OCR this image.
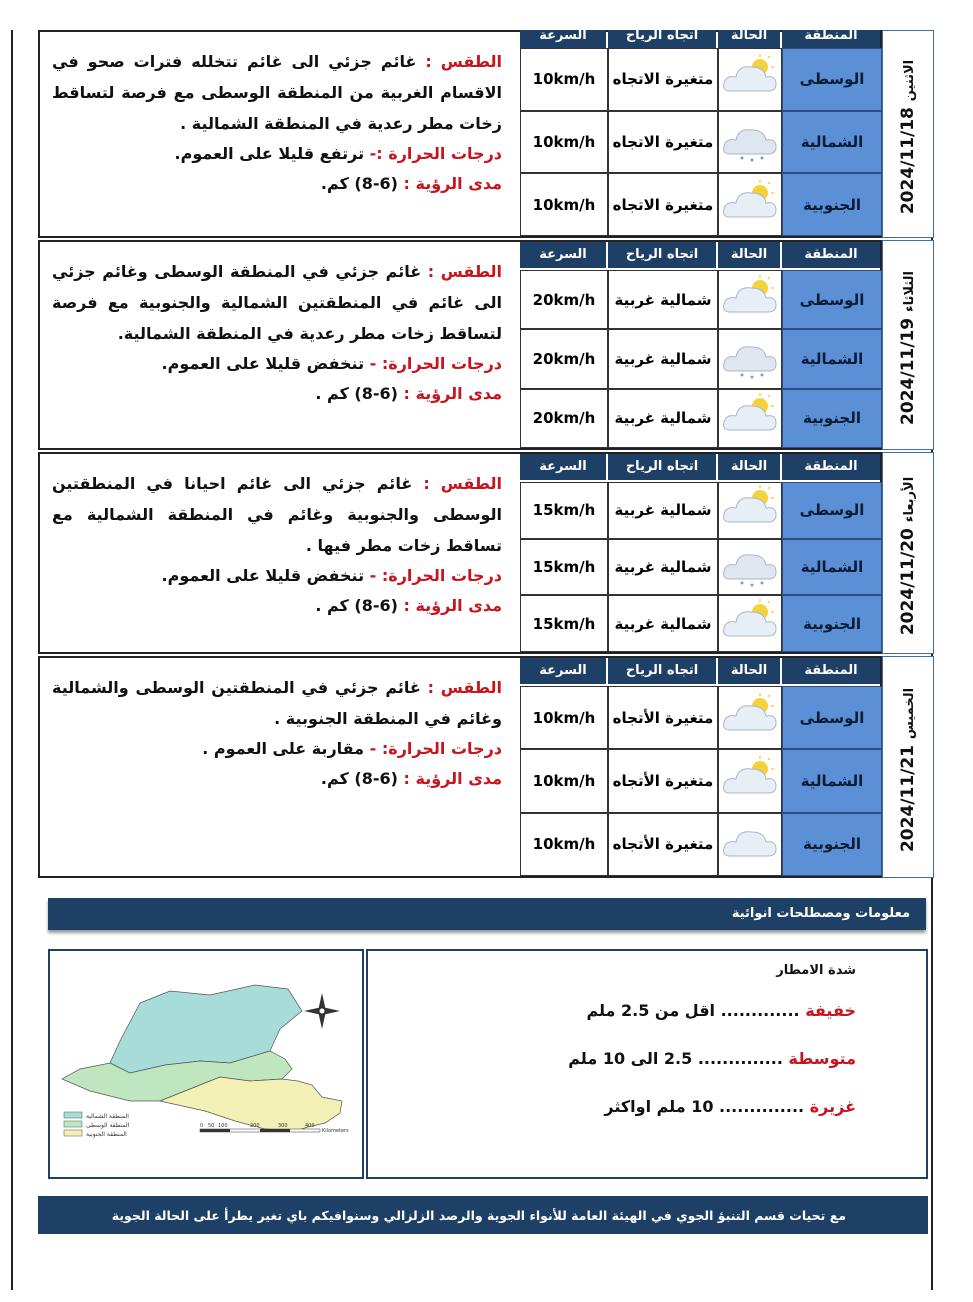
الاثنين 2024/11/18
السرعة	اتجاه الرياح	الحالة	المنطقة
10km/h	متغيرة الاتجاه	الوسطى
10km/h	متغيرة الاتجاه	الشمالية
10km/h	متغيرة الاتجاه	الجنوبية
الطقس : غائم جزئي الى غائم تتخلله فترات صحو في الاقسام الغربية من المنطقة الوسطى مع فرصة لتساقط زخات مطر رعدية في المنطقة الشمالية .
درجات الحرارة :- ترتفع قليلا على العموم.
مدى الرؤية : (6-8) كم.
الثلاثاء 2024/11/19
السرعة	اتجاه الرياح	الحالة	المنطقة
20km/h	شمالية غربية	الوسطى
20km/h	شمالية غربية	الشمالية
20km/h	شمالية غربية	الجنوبية
الطقس : غائم جزئي في المنطقة الوسطى وغائم جزئي الى غائم في المنطقتين الشمالية والجنوبية مع فرصة لتساقط زخات مطر رعدية في المنطقة الشمالية.
درجات الحرارة: - تنخفض قليلا على العموم.
مدى الرؤية : (6-8) كم .
الأربعاء 2024/11/20
السرعة	اتجاه الرياح	الحالة	المنطقة
15km/h	شمالية غربية	الوسطى
15km/h	شمالية غربية	الشمالية
15km/h	شمالية غربية	الجنوبية
الطقس : غائم جزئي الى غائم احيانا في المنطقتين الوسطى والجنوبية وغائم في المنطقة الشمالية مع تساقط زخات مطر فيها .
درجات الحرارة: - تنخفض قليلا على العموم.
مدى الرؤية : (6-8) كم .
الخميس 2024/11/21
السرعة	اتجاه الرياح	الحالة	المنطقة
10km/h	متغيرة الأتجاه	الوسطى
10km/h	متغيرة الأتجاه	الشمالية
10km/h	متغيرة الأتجاه	الجنوبية
الطقس : غائم جزئي في المنطقتين الوسطى والشمالية وغائم في المنطقة الجنوبية .
درجات الحرارة: - مقاربة على العموم .
مدى الرؤية : (6-8) كم.
معلومات ومصطلحات انوائية
المنطقة الشمالية
المنطقة الوسطى
المنطقة الجنوبية
0 50 100	200	300	400
Kilometers
شدة الامطار
خفيفة ............. اقل من 2.5 ملم
متوسطة .............. 2.5 الى 10 ملم
غزيرة .............. 10 ملم اواكثر
مع تحيات قسم التنبؤ الجوي في الهيئة العامة للأنواء الجوية والرصد الزلزالي وسنوافيكم باي تغير يطرأ على الحالة الجوية
